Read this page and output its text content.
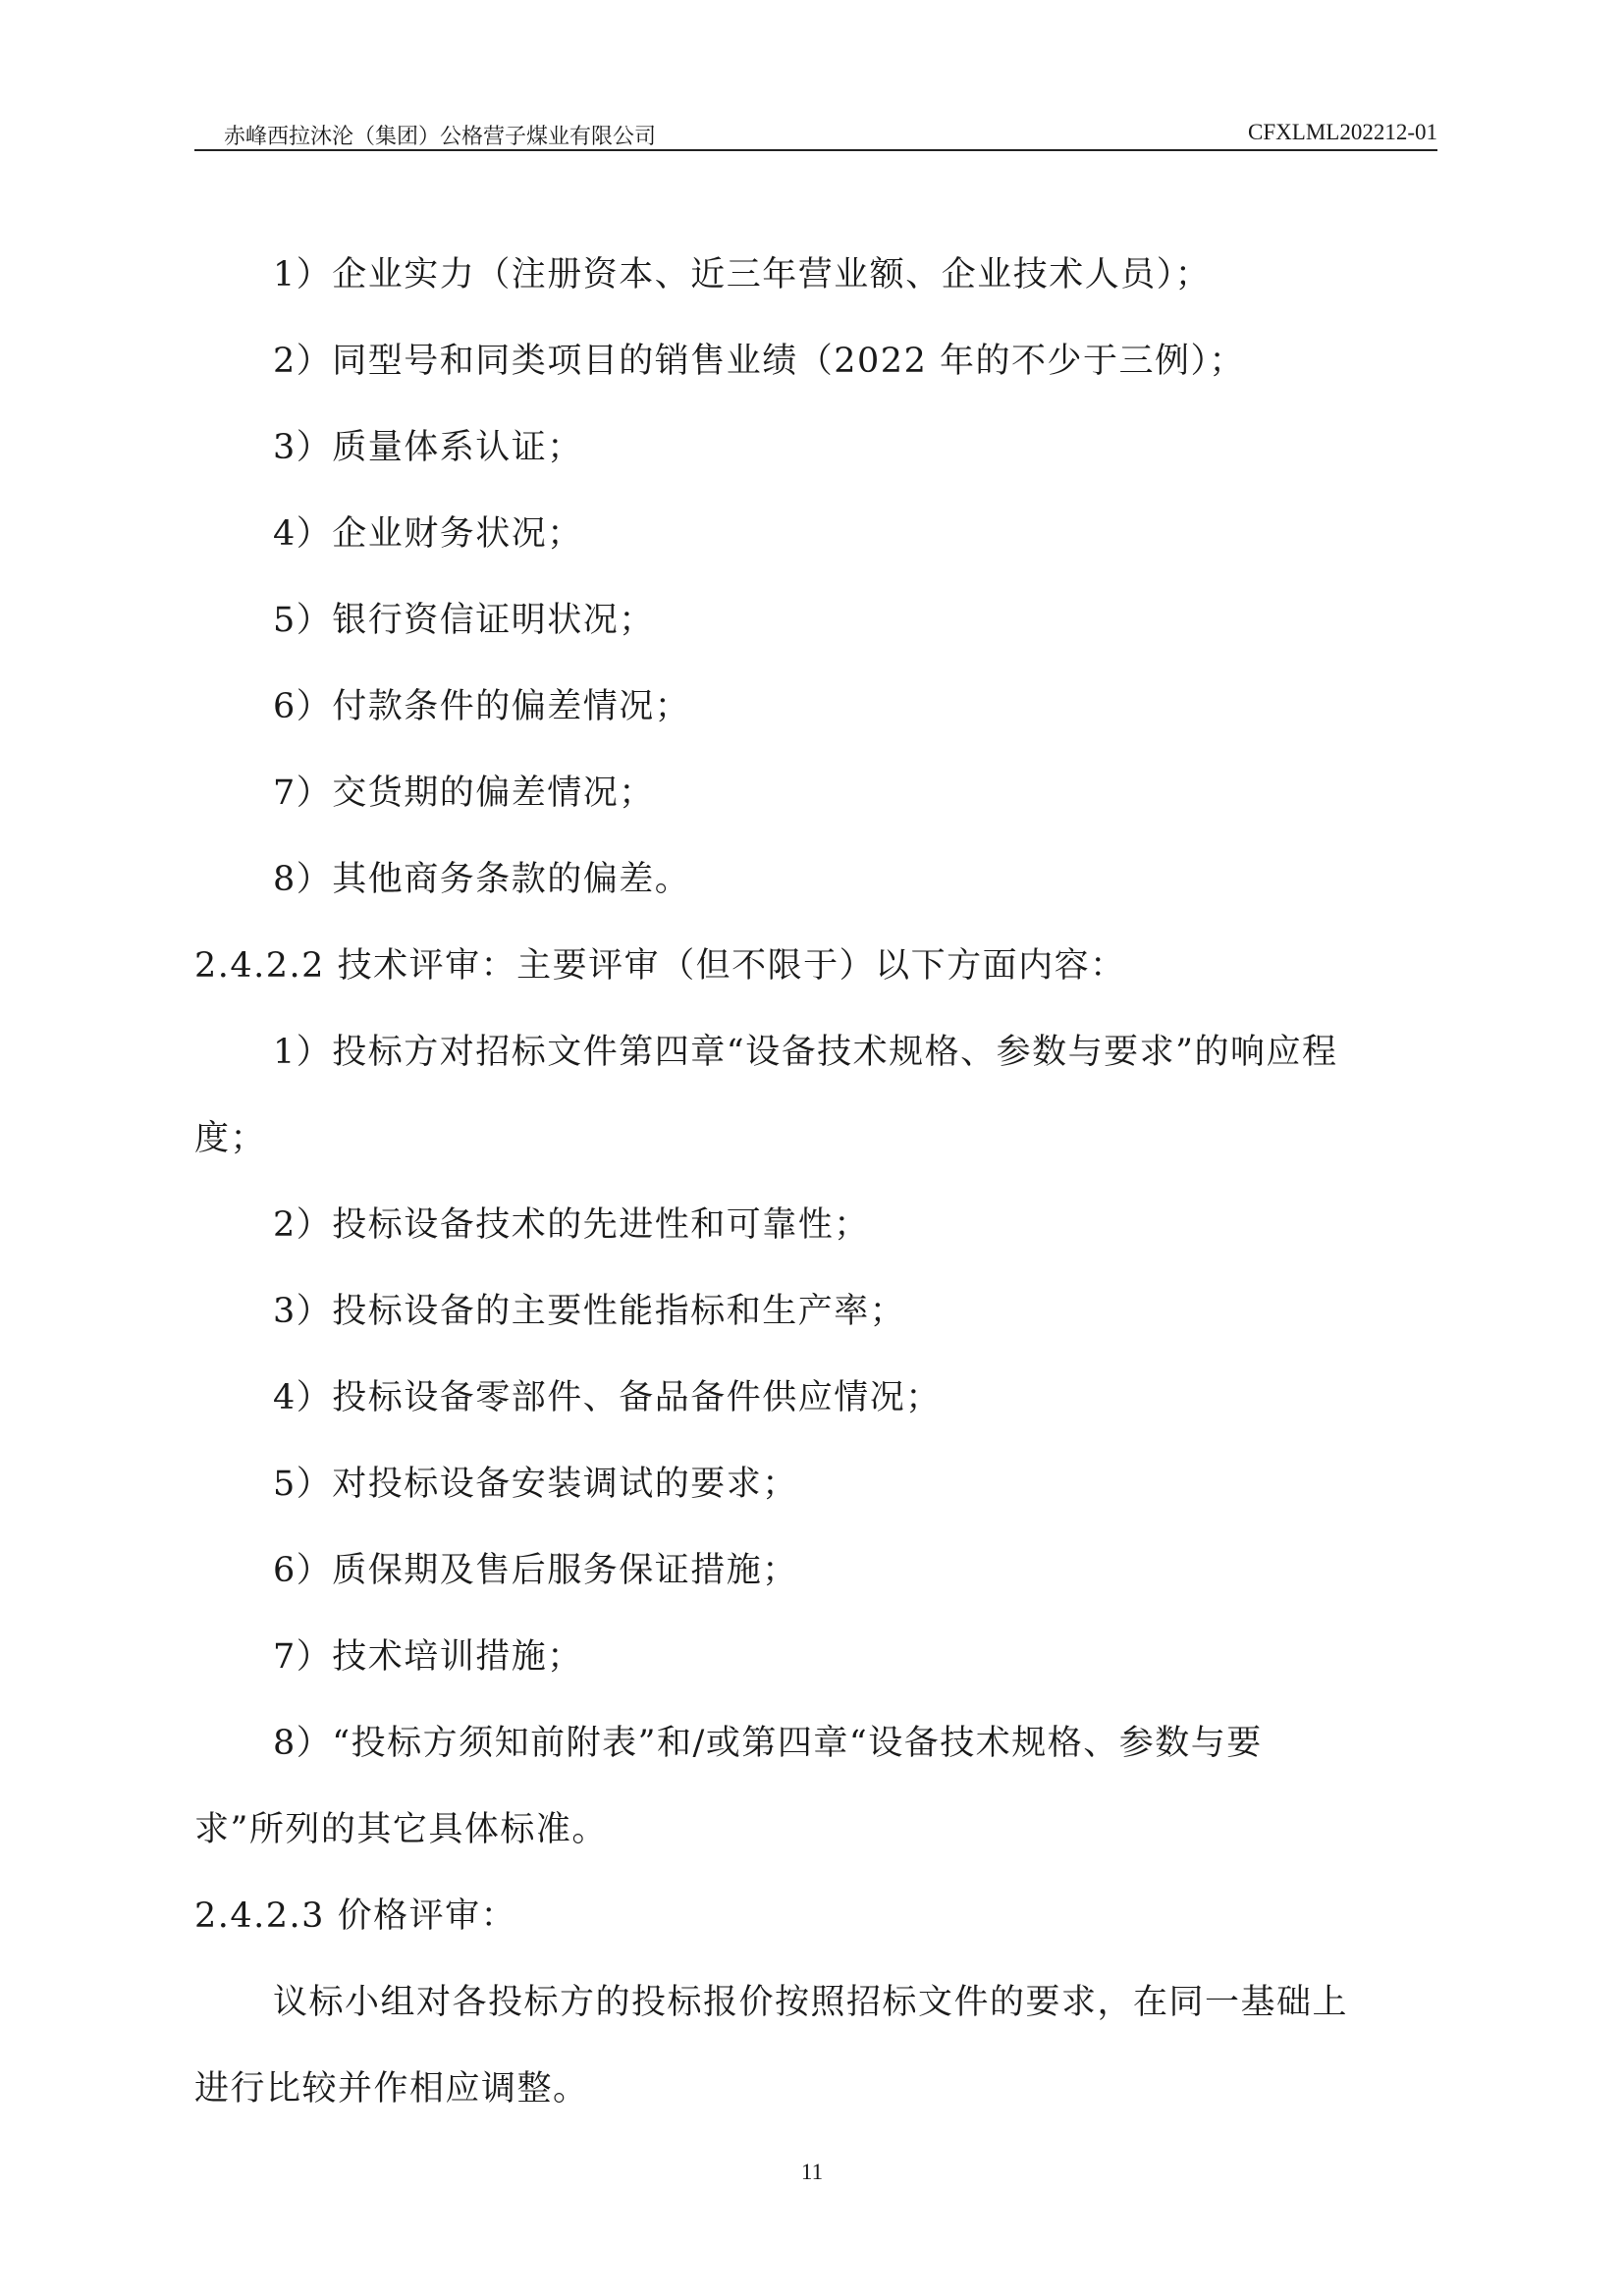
赤峰西拉沐沦（集团）公格营子煤业有限公司	CFXLML202212-01
1）企业实力（注册资本、近三年营业额、企业技术人员）；
2）同型号和同类项目的销售业绩（2022 年的不少于三例）；
3）质量体系认证；
4）企业财务状况；
5）银行资信证明状况；
6）付款条件的偏差情况；
7）交货期的偏差情况；
8）其他商务条款的偏差。
2.4.2.2 技术评审：主要评审（但不限于）以下方面内容：
1）投标方对招标文件第四章“设备技术规格、参数与要求”的响应程
度；
2）投标设备技术的先进性和可靠性；
3）投标设备的主要性能指标和生产率；
4）投标设备零部件、备品备件供应情况；
5）对投标设备安装调试的要求；
6）质保期及售后服务保证措施；
7）技术培训措施；
8）“投标方须知前附表”和/或第四章“设备技术规格、参数与要
求”所列的其它具体标准。
2.4.2.3 价格评审：
议标小组对各投标方的投标报价按照招标文件的要求，在同一基础上
进行比较并作相应调整。
11
